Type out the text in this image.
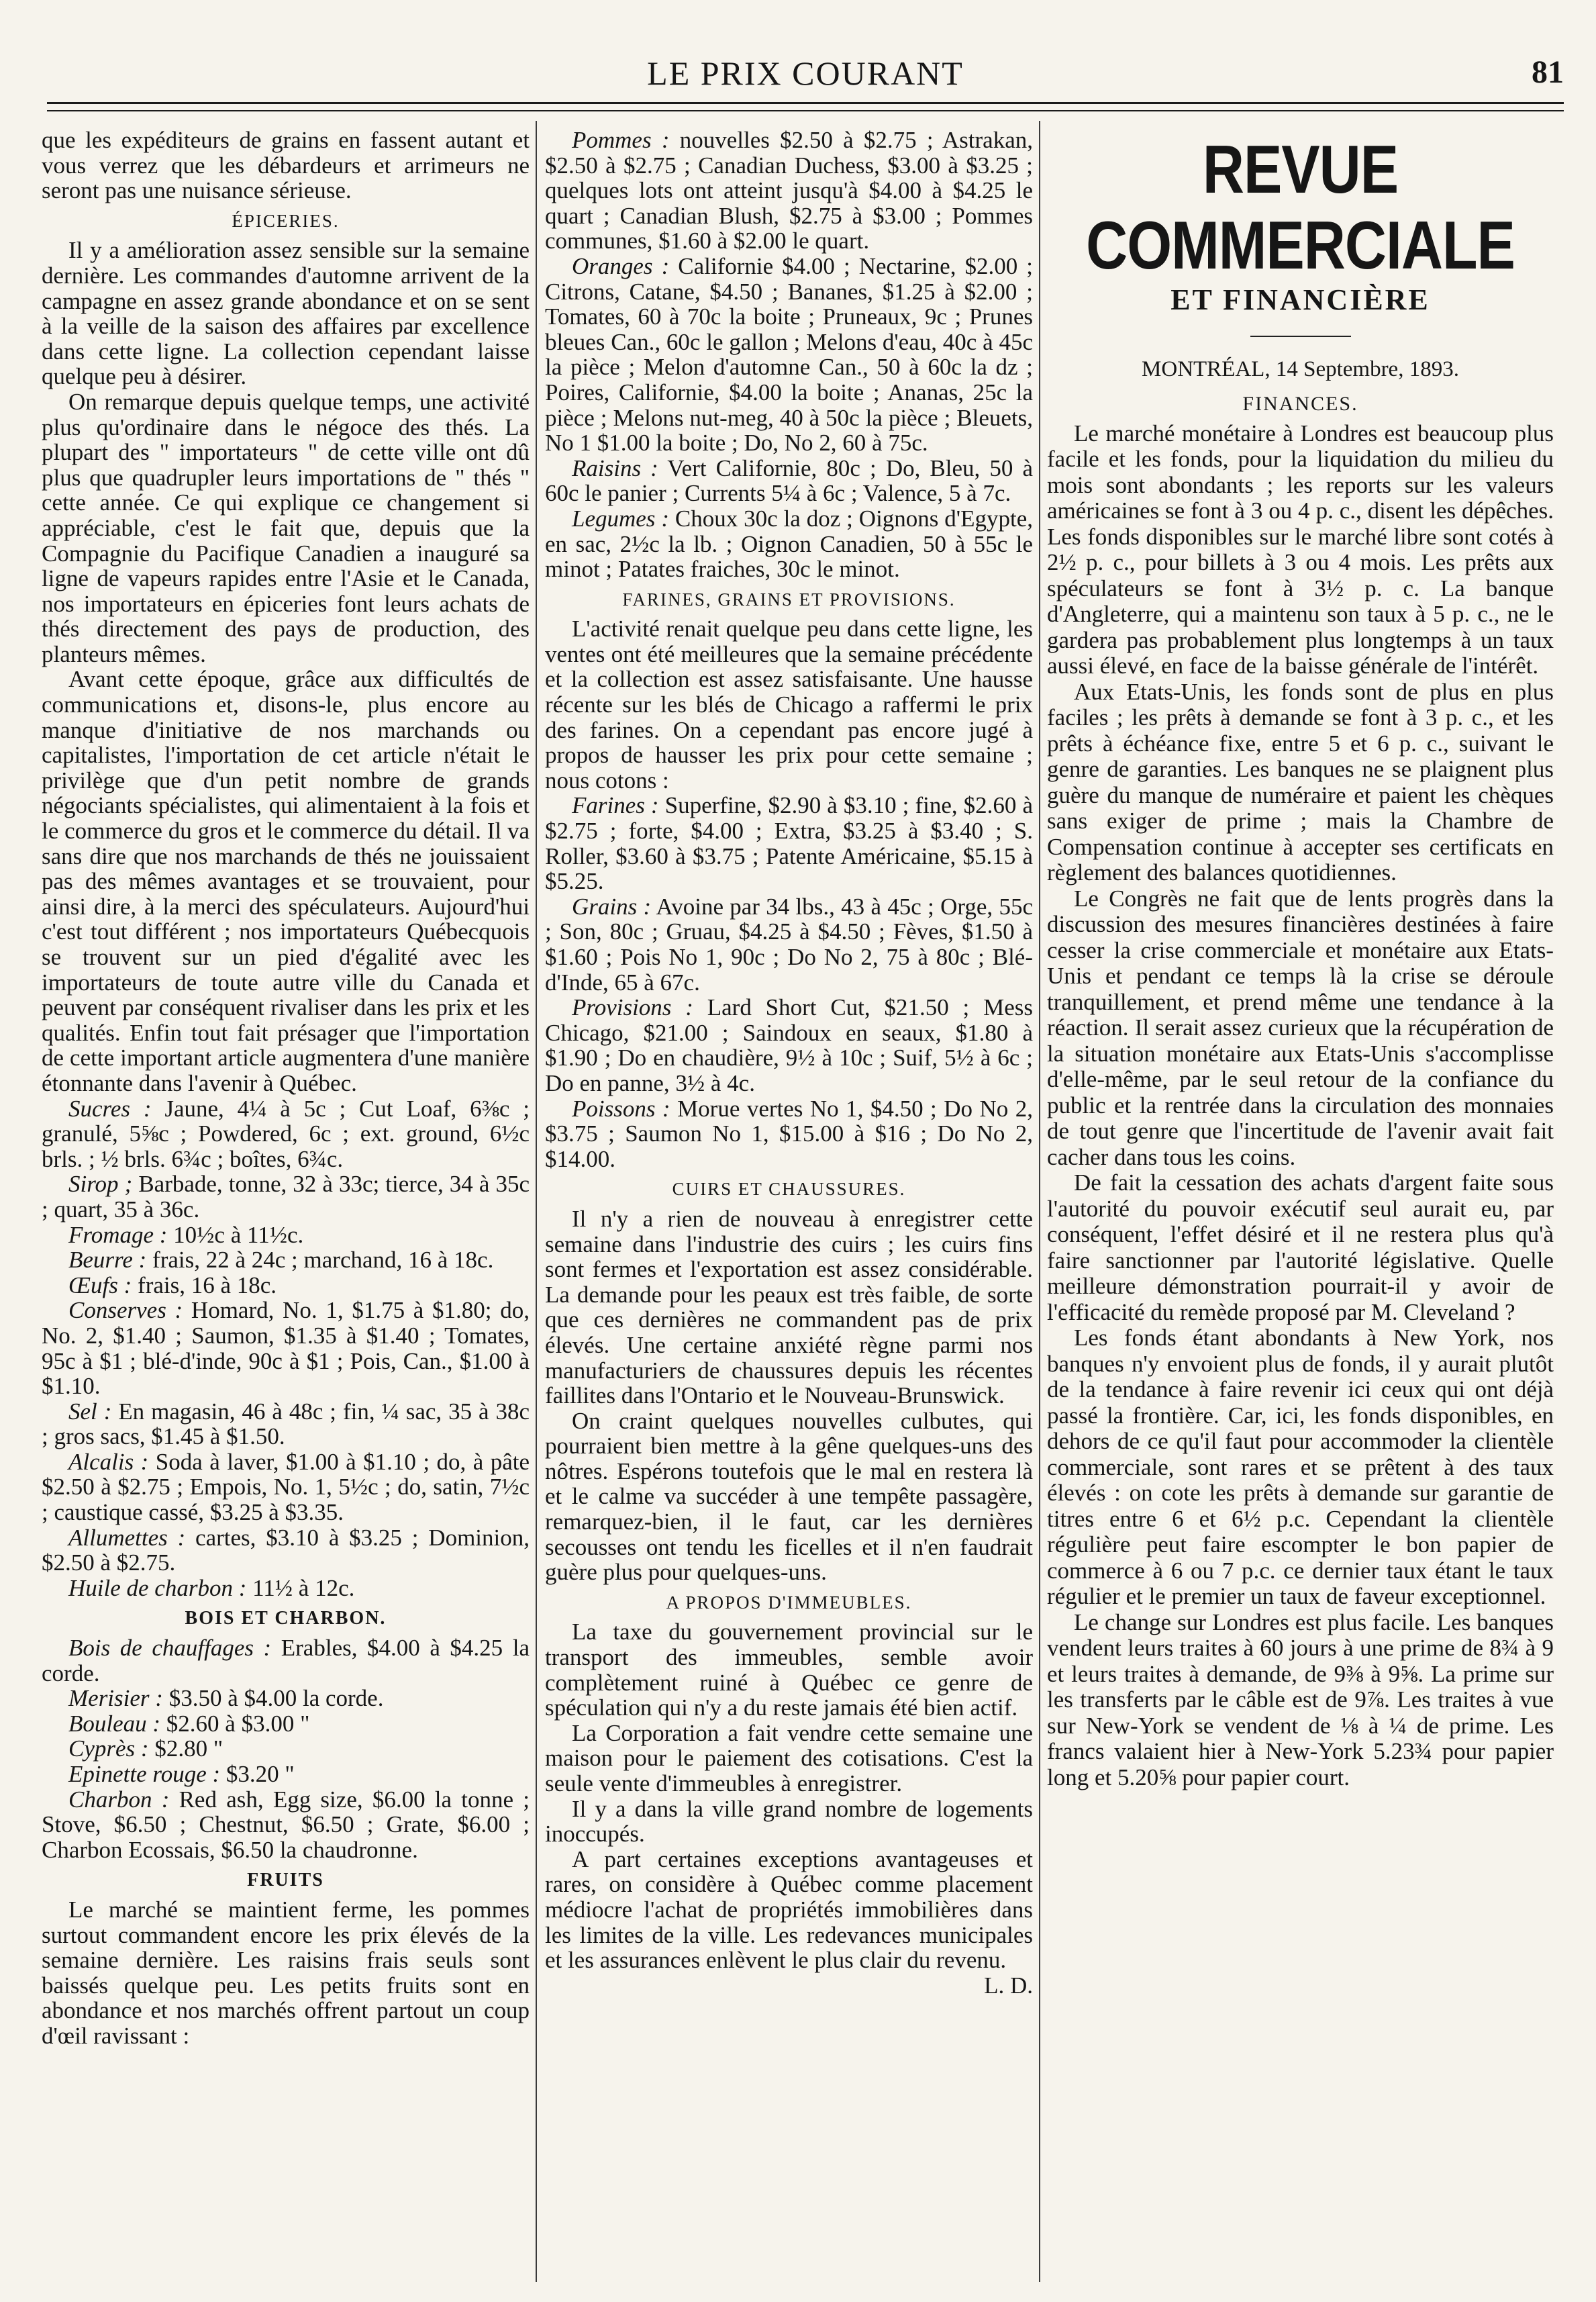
LE PRIX COURANT	81

que les expéditeurs de grains en fassent autant et vous verrez que les débardeurs et arrimeurs ne seront pas une nuisance sérieuse.

ÉPICERIES.

Il y a amélioration assez sensible sur la semaine dernière. Les commandes d'automne arrivent de la campagne en assez grande abondance et on se sent à la veille de la saison des affaires par excellence dans cette ligne. La collection cependant laisse quelque peu à désirer.

On remarque depuis quelque temps, une activité plus qu'ordinaire dans le négoce des thés. La plupart des " importateurs " de cette ville ont dû plus que quadrupler leurs importations de " thés " cette année. Ce qui explique ce changement si appréciable, c'est le fait que, depuis que la Compagnie du Pacifique Canadien a inauguré sa ligne de vapeurs rapides entre l'Asie et le Canada, nos importateurs en épiceries font leurs achats de thés directement des pays de production, des planteurs mêmes.

Avant cette époque, grâce aux difficultés de communications et, disons-le, plus encore au manque d'initiative de nos marchands ou capitalistes, l'importation de cet article n'était le privilège que d'un petit nombre de grands négociants spécialistes, qui alimentaient à la fois et le commerce du gros et le commerce du détail. Il va sans dire que nos marchands de thés ne jouissaient pas des mêmes avantages et se trouvaient, pour ainsi dire, à la merci des spéculateurs. Aujourd'hui c'est tout différent ; nos importateurs Québecquois se trouvent sur un pied d'égalité avec les importateurs de toute autre ville du Canada et peuvent par conséquent rivaliser dans les prix et les qualités. Enfin tout fait présager que l'importation de cette important article augmentera d'une manière étonnante dans l'avenir à Québec.

Sucres : Jaune, 4¼ à 5c ; Cut Loaf, 6⅜c ; granulé, 5⅝c ; Powdered, 6c ; ext. ground, 6½c brls. ; ½ brls. 6¾c ; boîtes, 6¾c.

Sirop ; Barbade, tonne, 32 à 33c; tierce, 34 à 35c ; quart, 35 à 36c.

Fromage : 10½c à 11½c.

Beurre : frais, 22 à 24c ; marchand, 16 à 18c.

Œufs : frais, 16 à 18c.

Conserves : Homard, No. 1, $1.75 à $1.80; do, No. 2, $1.40 ; Saumon, $1.35 à $1.40 ; Tomates, 95c à $1 ; blé-d'inde, 90c à $1 ; Pois, Can., $1.00 à $1.10.

Sel : En magasin, 46 à 48c ; fin, ¼ sac, 35 à 38c ; gros sacs, $1.45 à $1.50.

Alcalis : Soda à laver, $1.00 à $1.10 ; do, à pâte $2.50 à $2.75 ; Empois, No. 1, 5½c ; do, satin, 7½c ; caustique cassé, $3.25 à $3.35.

Allumettes : cartes, $3.10 à $3.25 ; Dominion, $2.50 à $2.75.

Huile de charbon : 11½ à 12c.

BOIS ET CHARBON.

Bois de chauffages : Erables, $4.00 à $4.25 la corde.

Merisier : $3.50 à $4.00 la corde.

Bouleau : $2.60 à $3.00 "

Cyprès : $2.80 "

Epinette rouge : $3.20 "

Charbon : Red ash, Egg size, $6.00 la tonne ; Stove, $6.50 ; Chestnut, $6.50 ; Grate, $6.00 ; Charbon Ecossais, $6.50 la chaudronne.

FRUITS

Le marché se maintient ferme, les pommes surtout commandent encore les prix élevés de la semaine dernière. Les raisins frais seuls sont baissés quelque peu. Les petits fruits sont en abondance et nos marchés offrent partout un coup d'œil ravissant :

Pommes : nouvelles $2.50 à $2.75 ; Astrakan, $2.50 à $2.75 ; Canadian Duchess, $3.00 à $3.25 ; quelques lots ont atteint jusqu'à $4.00 à $4.25 le quart ; Canadian Blush, $2.75 à $3.00 ; Pommes communes, $1.60 à $2.00 le quart.

Oranges : Californie $4.00 ; Nectarine, $2.00 ; Citrons, Catane, $4.50 ; Bananes, $1.25 à $2.00 ; Tomates, 60 à 70c la boite ; Pruneaux, 9c ; Prunes bleues Can., 60c le gallon ; Melons d'eau, 40c à 45c la pièce ; Melon d'automne Can., 50 à 60c la dz ; Poires, Californie, $4.00 la boite ; Ananas, 25c la pièce ; Melons nut-meg, 40 à 50c la pièce ; Bleuets, No 1 $1.00 la boite ; Do, No 2, 60 à 75c.

Raisins : Vert Californie, 80c ; Do, Bleu, 50 à 60c le panier ; Currents 5¼ à 6c ; Valence, 5 à 7c.

Legumes : Choux 30c la doz ; Oignons d'Egypte, en sac, 2½c la lb. ; Oignon Canadien, 50 à 55c le minot ; Patates fraiches, 30c le minot.

FARINES, GRAINS ET PROVISIONS.

L'activité renait quelque peu dans cette ligne, les ventes ont été meilleures que la semaine précédente et la collection est assez satisfaisante. Une hausse récente sur les blés de Chicago a raffermi le prix des farines. On a cependant pas encore jugé à propos de hausser les prix pour cette semaine ; nous cotons :

Farines : Superfine, $2.90 à $3.10 ; fine, $2.60 à $2.75 ; forte, $4.00 ; Extra, $3.25 à $3.40 ; S. Roller, $3.60 à $3.75 ; Patente Américaine, $5.15 à $5.25.

Grains : Avoine par 34 lbs., 43 à 45c ; Orge, 55c ; Son, 80c ; Gruau, $4.25 à $4.50 ; Fèves, $1.50 à $1.60 ; Pois No 1, 90c ; Do No 2, 75 à 80c ; Blé-d'Inde, 65 à 67c.

Provisions : Lard Short Cut, $21.50 ; Mess Chicago, $21.00 ; Saindoux en seaux, $1.80 à $1.90 ; Do en chaudière, 9½ à 10c ; Suif, 5½ à 6c ; Do en panne, 3½ à 4c.

Poissons : Morue vertes No 1, $4.50 ; Do No 2, $3.75 ; Saumon No 1, $15.00 à $16 ; Do No 2, $14.00.

CUIRS ET CHAUSSURES.

Il n'y a rien de nouveau à enregistrer cette semaine dans l'industrie des cuirs ; les cuirs fins sont fermes et l'exportation est assez considérable. La demande pour les peaux est très faible, de sorte que ces dernières ne commandent pas de prix élevés. Une certaine anxiété règne parmi nos manufacturiers de chaussures depuis les récentes faillites dans l'Ontario et le Nouveau-Brunswick.

On craint quelques nouvelles culbutes, qui pourraient bien mettre à la gêne quelques-uns des nôtres. Espérons toutefois que le mal en restera là et le calme va succéder à une tempête passagère, remarquez-bien, il le faut, car les dernières secousses ont tendu les ficelles et il n'en faudrait guère plus pour quelques-uns.

A PROPOS D'IMMEUBLES.

La taxe du gouvernement provincial sur le transport des immeubles, semble avoir complètement ruiné à Québec ce genre de spéculation qui n'y a du reste jamais été bien actif.

La Corporation a fait vendre cette semaine une maison pour le paiement des cotisations. C'est la seule vente d'immeubles à enregistrer.

Il y a dans la ville grand nombre de logements inoccupés.

A part certaines exceptions avantageuses et rares, on considère à Québec comme placement médiocre l'achat de propriétés immobilières dans les limites de la ville. Les redevances municipales et les assurances enlèvent le plus clair du revenu.

L. D.

REVUE COMMERCIALE
ET FINANCIÈRE
MONTRÉAL, 14 Septembre, 1893.
FINANCES.

Le marché monétaire à Londres est beaucoup plus facile et les fonds, pour la liquidation du milieu du mois sont abondants ; les reports sur les valeurs américaines se font à 3 ou 4 p. c., disent les dépêches. Les fonds disponibles sur le marché libre sont cotés à 2½ p. c., pour billets à 3 ou 4 mois. Les prêts aux spéculateurs se font à 3½ p. c. La banque d'Angleterre, qui a maintenu son taux à 5 p. c., ne le gardera pas probablement plus longtemps à un taux aussi élevé, en face de la baisse générale de l'intérêt.

Aux Etats-Unis, les fonds sont de plus en plus faciles ; les prêts à demande se font à 3 p. c., et les prêts à échéance fixe, entre 5 et 6 p. c., suivant le genre de garanties. Les banques ne se plaignent plus guère du manque de numéraire et paient les chèques sans exiger de prime ; mais la Chambre de Compensation continue à accepter ses certificats en règlement des balances quotidiennes.

Le Congrès ne fait que de lents progrès dans la discussion des mesures financières destinées à faire cesser la crise commerciale et monétaire aux Etats-Unis et pendant ce temps là la crise se déroule tranquillement, et prend même une tendance à la réaction. Il serait assez curieux que la récupération de la situation monétaire aux Etats-Unis s'accomplisse d'elle-même, par le seul retour de la confiance du public et la rentrée dans la circulation des monnaies de tout genre que l'incertitude de l'avenir avait fait cacher dans tous les coins.

De fait la cessation des achats d'argent faite sous l'autorité du pouvoir exécutif seul aurait eu, par conséquent, l'effet désiré et il ne restera plus qu'à faire sanctionner par l'autorité législative. Quelle meilleure démonstration pourrait-il y avoir de l'efficacité du remède proposé par M. Cleveland ?

Les fonds étant abondants à New York, nos banques n'y envoient plus de fonds, il y aurait plutôt de la tendance à faire revenir ici ceux qui ont déjà passé la frontière. Car, ici, les fonds disponibles, en dehors de ce qu'il faut pour accommoder la clientèle commerciale, sont rares et se prêtent à des taux élevés : on cote les prêts à demande sur garantie de titres entre 6 et 6½ p.c. Cependant la clientèle régulière peut faire escompter le bon papier de commerce à 6 ou 7 p.c. ce dernier taux étant le taux régulier et le premier un taux de faveur exceptionnel.

Le change sur Londres est plus facile. Les banques vendent leurs traites à 60 jours à une prime de 8¾ à 9 et leurs traites à demande, de 9⅜ à 9⅝. La prime sur les transferts par le câble est de 9⅞. Les traites à vue sur New-York se vendent de ⅛ à ¼ de prime. Les francs valaient hier à New-York 5.23¾ pour papier long et 5.20⅝ pour papier court.
